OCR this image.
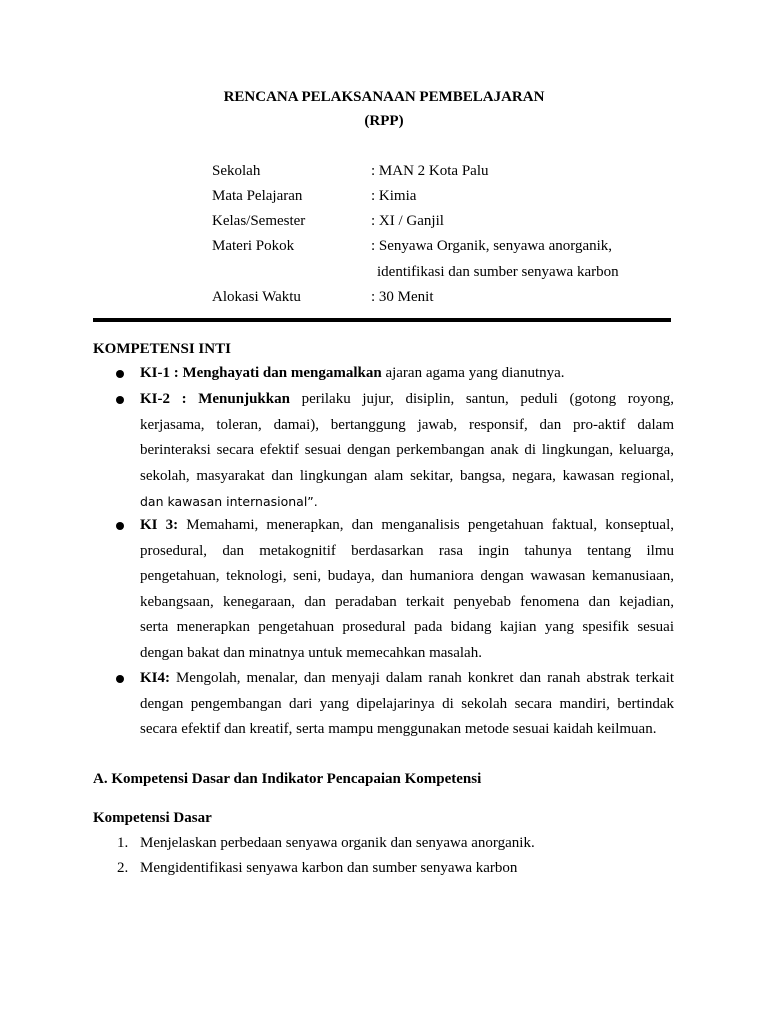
RENCANA PELAKSANAAN PEMBELAJARAN
(RPP)
Sekolah	: MAN 2 Kota Palu
Mata Pelajaran	: Kimia
Kelas/Semester	: XI / Ganjil
Materi Pokok	: Senyawa Organik, senyawa anorganik,
identifikasi dan sumber senyawa karbon
Alokasi Waktu	: 30 Menit
KOMPETENSI INTI
KI-1 : Menghayati dan mengamalkan ajaran agama yang dianutnya.
KI-2 : Menunjukkan perilaku jujur, disiplin, santun, peduli (gotong royong,
kerjasama, toleran, damai), bertanggung jawab, responsif, dan pro-aktif dalam
berinteraksi secara efektif sesuai dengan perkembangan anak di lingkungan, keluarga,
sekolah, masyarakat dan lingkungan alam sekitar, bangsa, negara, kawasan regional,
dan kawasan internasional”.
KI 3: Memahami, menerapkan, dan menganalisis pengetahuan faktual, konseptual,
prosedural, dan metakognitif berdasarkan rasa ingin tahunya tentang ilmu
pengetahuan, teknologi, seni, budaya, dan humaniora dengan wawasan kemanusiaan,
kebangsaan, kenegaraan, dan peradaban terkait penyebab fenomena dan kejadian,
serta menerapkan pengetahuan prosedural pada bidang kajian yang spesifik sesuai
dengan bakat dan minatnya untuk memecahkan masalah.
KI4: Mengolah, menalar, dan menyaji dalam ranah konkret dan ranah abstrak terkait
dengan pengembangan dari yang dipelajarinya di sekolah secara mandiri, bertindak
secara efektif dan kreatif, serta mampu menggunakan metode sesuai kaidah keilmuan.
A. Kompetensi Dasar dan Indikator Pencapaian Kompetensi
Kompetensi Dasar
1. Menjelaskan perbedaan senyawa organik dan senyawa anorganik.
2. Mengidentifikasi senyawa karbon dan sumber senyawa karbon
